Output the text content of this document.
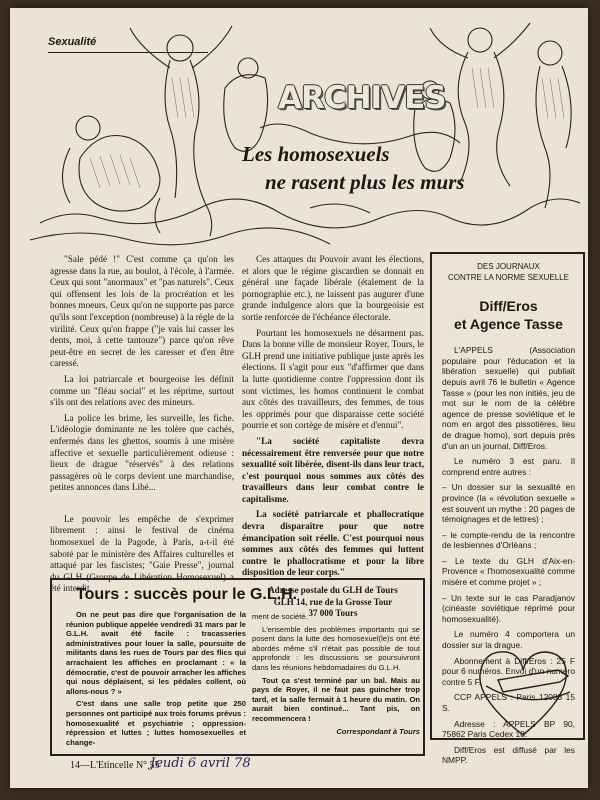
Sexualité
ARCHIVES
Les homosexuels
ne rasent plus les murs

"Sale pédé !" C'est comme ça qu'on les agresse dans la rue, au boulot, à l'école, à l'armée. Ceux qui sont "anormaux" et "pas naturels". Ceux qui offensent les lois de la procréation et les bonnes moeurs. Ceux qu'on ne supporte pas parce qu'ils sont l'exception (nombreuse) à la règle de la virilité. Ceux qu'on frappe ("je vais lui casser les dents, moi, à cette tantouze") parce qu'on rêve peut-être en secret de les caresser et d'en être caressé.

La loi patriarcale et bourgeoise les définit comme un "fléau social" et les réprime, surtout s'ils ont des relations avec des mineurs.

La police les brime, les surveille, les fiche. L'idéologie dominante ne les tolère que cachés, enfermés dans les ghettos, soumis à une misère affective et sexuelle particulièrement odieuse : lieux de drague "réservés" à des relations passagères où le corps devient une marchandise, petites annonces dans Libé...

Le pouvoir les empêche de s'exprimer librement : ainsi le festival de cinéma homosexuel de la Pagode, à Paris, a-t-il été saboté par le ministère des Affaires culturelles et attaqué par les fascistes; "Gaie Presse", journal du GLH (Groupe de Libération Homosexuel) a été interdit.

Ces attaques du Pouvoir avant les élections, et alors que le régime giscardien se donnait en général une façade libérale (étalement de la pornographie etc.), ne laissent pas augurer d'une grande indulgence alors que la bourgeoisie est sortie renforcée de l'échéance électorale.

Pourtant les homosexuels ne désarment pas. Dans la bonne ville de monsieur Royer, Tours, le GLH prend une initiative publique juste après les élections. Il s'agit pour eux "d'affirmer que dans la lutte quotidienne contre l'oppression dont ils sont victimes, les homos continuent le combat aux côtés des travailleurs, des femmes, de tous les opprimés pour que disparaisse cette société pourrie et son cortège de misère et d'ennui".

"La société capitaliste devra nécessairement être renversée pour que notre sexualité soit libérée, disent-ils dans leur tract, c'est pourquoi nous sommes aux côtés des travailleurs dans leur combat contre le capitalisme.

La société patriarcale et phallocratique devra disparaître pour que notre émancipation soit réelle. C'est pourquoi nous sommes aux côtés des femmes qui luttent contre le phallocratisme et pour la libre disposition de leur corps."

Adresse postale du GLH de Tours
GLH 14, rue de la Grosse Tour
37 000 Tours
DES JOURNAUX
CONTRE LA NORME SEXUELLE
Diff/Eros
et Agence Tasse

L'APPELS (Association populaire pour l'éducation et la libération sexuelle) qui publiait depuis avril 76 le bulletin « Agence Tasse » (pour les non initiés, jeu de mot sur le nom de la célèbre agence de presse soviétique et le nom en argot des pissotières, lieu de drague homo), sort depuis près d'un an un journal, Diff/Eros.

Le numéro 3 est paru. Il comprend entre autres :

– Un dossier sur la sexualité en province (la « révolution sexuelle » est souvent un mythe : 20 pages de témoignages et de lettres) ;

– le compte-rendu de la rencontre de lesbiennes d'Orléans ;

– Le texte du GLH d'Aix-en-Provence « l'homosexualité comme misère et comme projet » ;

– Un texte sur le cas Paradjanov (cinéaste soviétique réprimé pour homosexualité).

Le numéro 4 comportera un dossier sur la drague.

Abonnement à Diff/Eros : 25 F pour 6 numéros. Envoi d'un numéro contre 5 F.

CCP APPELS : Paris 12083 15 S.

Adresse : APPELS BP 90, 75862 Paris Cedex 18.

Diff/Eros est diffusé par les NMPP.

Tours : succès pour le G.L.H.

On ne peut pas dire que l'organisation de la réunion publique appelée vendredi 31 mars par le G.L.H. avait été facile : tracasseries administratives pour louer la salle, poursuite de militants dans les rues de Tours par des flics qui arrachaient les affiches en proclamant : « la démocratie, c'est de pouvoir arracher les affiches qui nous déplaisent, si les pédales collent, où allons-nous ? »

C'est dans une salle trop petite que 250 personnes ont participé aux trois forums prévus : homosexualité et psychiatrie ; oppression-répression et luttes ; luttes homosexuelles et change-

ment de société.

L'ensemble des problèmes importants qui se posent dans la lutte des homosexuel(le)s ont été abordés même s'il n'était pas possible de tout approfondir : les discussions se poursuivront dans les réunions hebdomadaires du G.L.H.

Tout ça s'est terminé par un bal. Mais au pays de Royer, il ne faut pas guincher trop tard, et la salle fermait à 1 heure du matin. On aurait bien continué... Tant pis, on recommencera !

Correspondant à Tours

14—L'Etincelle N° 55
Jeudi 6 avril 78
